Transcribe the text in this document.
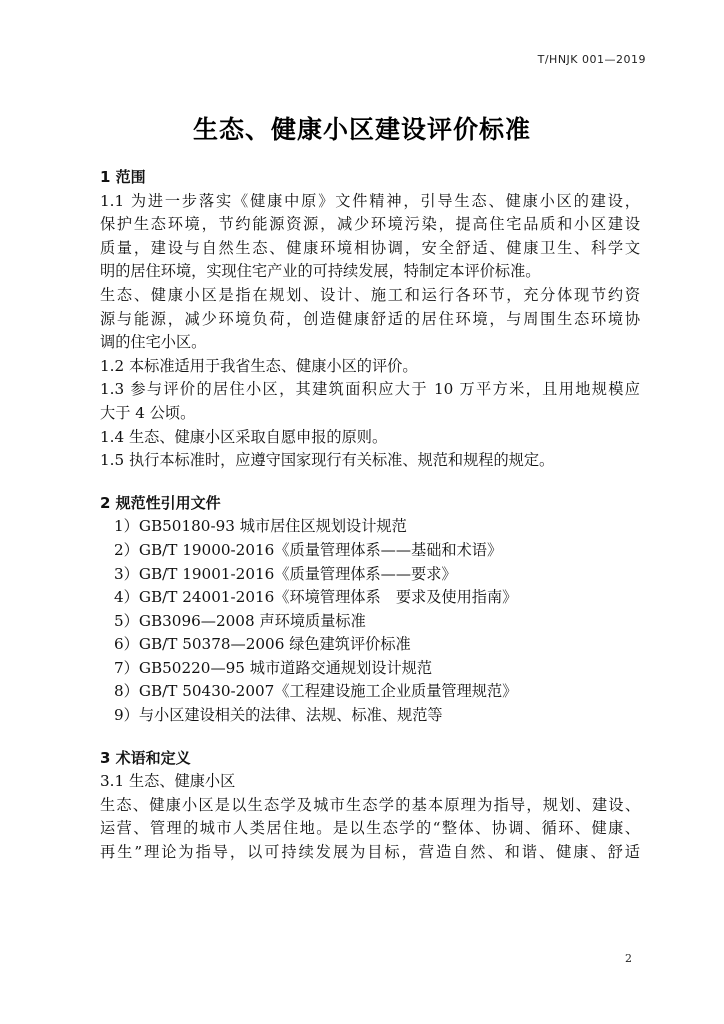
T/HNJK 001—2019
生态、健康小区建设评价标准
1 范围
1.1 为进一步落实《健康中原》文件精神，引导生态、健康小区的建设，
保护生态环境，节约能源资源，减少环境污染，提高住宅品质和小区建设
质量，建设与自然生态、健康环境相协调，安全舒适、健康卫生、科学文
明的居住环境，实现住宅产业的可持续发展，特制定本评价标准。
生态、健康小区是指在规划、设计、施工和运行各环节，充分体现节约资
源与能源，减少环境负荷，创造健康舒适的居住环境，与周围生态环境协
调的住宅小区。
1.2 本标准适用于我省生态、健康小区的评价。
1.3 参与评价的居住小区，其建筑面积应大于 10 万平方米，且用地规模应
大于 4 公顷。
1.4 生态、健康小区采取自愿申报的原则。
1.5 执行本标准时，应遵守国家现行有关标准、规范和规程的规定。
2 规范性引用文件
1）GB50180-93 城市居住区规划设计规范
2）GB/T 19000-2016《质量管理体系——基础和术语》
3）GB/T 19001-2016《质量管理体系——要求》
4）GB/T 24001-2016《环境管理体系　要求及使用指南》
5）GB3096—2008 声环境质量标准
6）GB/T 50378—2006 绿色建筑评价标准
7）GB50220—95 城市道路交通规划设计规范
8）GB/T 50430-2007《工程建设施工企业质量管理规范》
9）与小区建设相关的法律、法规、标准、规范等
3 术语和定义
3.1 生态、健康小区
生态、健康小区是以生态学及城市生态学的基本原理为指导，规划、建设、
运营、管理的城市人类居住地。是以生态学的“整体、协调、循环、健康、
再生”理论为指导，以可持续发展为目标，营造自然、和谐、健康、舒适
2
